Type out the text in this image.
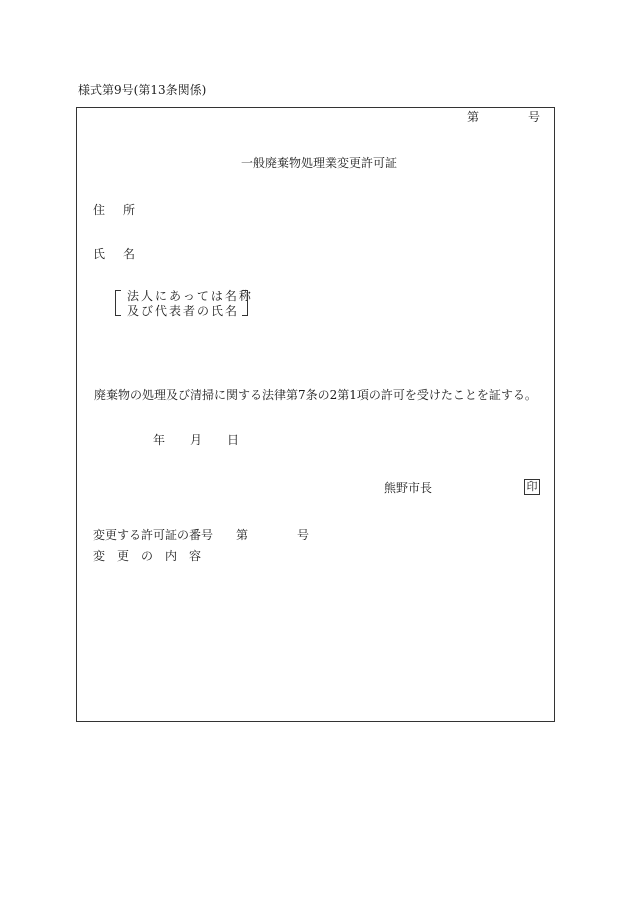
様式第9号(第13条関係)
第	号
一般廃棄物処理業変更許可証
住所
氏名
法人にあっては名称
及び代表者の氏名
廃棄物の処理及び清掃に関する法律第7条の2第1項の許可を受けたことを証する。
年 月 日
熊野市長	印
変更する許可証の番号 第	号
変更の内容
